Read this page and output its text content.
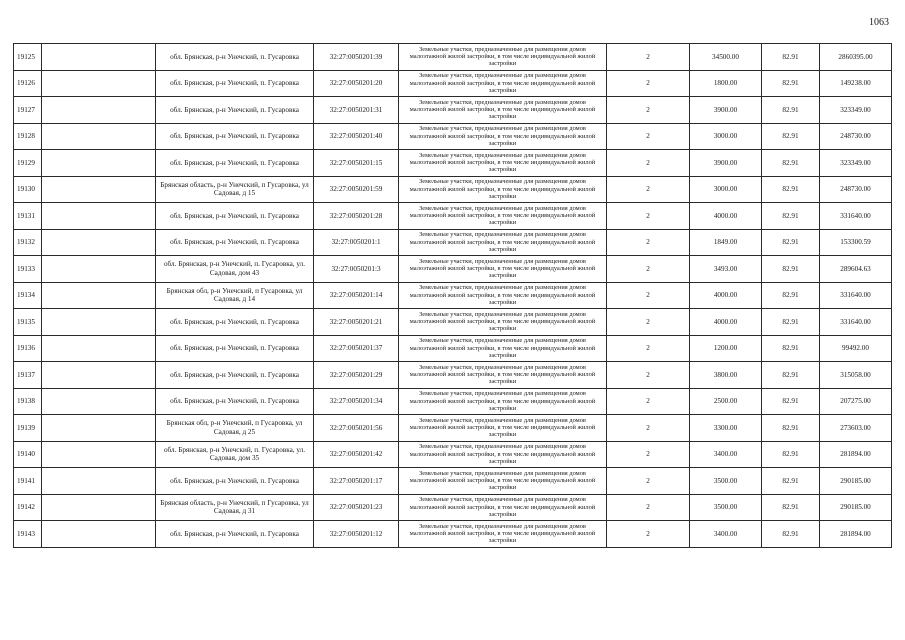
1063
19125		обл. Брянская, р-н Унечский, п. Гусаровка	32:27:0050201:39	Земельные участки, предназначенные для размещения домов малоэтажной жилой застройки, в том числе индивидуальной жилой застройки	2	34500.00	82.91	2860395.00
19126		обл. Брянская, р-н Унечский, п. Гусаровка	32:27:0050201:20	Земельные участки, предназначенные для размещения домов малоэтажной жилой застройки, в том числе индивидуальной жилой застройки	2	1800.00	82.91	149238.00
19127		обл. Брянская, р-н Унечский, п. Гусаровка	32:27:0050201:31	Земельные участки, предназначенные для размещения домов малоэтажной жилой застройки, в том числе индивидуальной жилой застройки	2	3900.00	82.91	323349.00
19128		обл. Брянская, р-н Унечский, п. Гусаровка	32:27:0050201:40	Земельные участки, предназначенные для размещения домов малоэтажной жилой застройки, в том числе индивидуальной жилой застройки	2	3000.00	82.91	248730.00
19129		обл. Брянская, р-н Унечский, п. Гусаровка	32:27:0050201:15	Земельные участки, предназначенные для размещения домов малоэтажной жилой застройки, в том числе индивидуальной жилой застройки	2	3900.00	82.91	323349.00
19130		Брянская область, р-н Унечский, п Гусаровка, ул Садовая, д 15	32:27:0050201:59	Земельные участки, предназначенные для размещения домов малоэтажной жилой застройки, в том числе индивидуальной жилой застройки	2	3000.00	82.91	248730.00
19131		обл. Брянская, р-н Унечский, п. Гусаровка	32:27:0050201:28	Земельные участки, предназначенные для размещения домов малоэтажной жилой застройки, в том числе индивидуальной жилой застройки	2	4000.00	82.91	331640.00
19132		обл. Брянская, р-н Унечский, п. Гусаровка	32:27:0050201:1	Земельные участки, предназначенные для размещения домов малоэтажной жилой застройки, в том числе индивидуальной жилой застройки	2	1849.00	82.91	153300.59
19133		обл. Брянская, р-н Унечский, п. Гусаровка, ул. Садовая, дом 43	32:27:0050201:3	Земельные участки, предназначенные для размещения домов малоэтажной жилой застройки, в том числе индивидуальной жилой застройки	2	3493.00	82.91	289604.63
19134		Брянская обл, р-н Унечский, п Гусаровка, ул Садовая, д 14	32:27:0050201:14	Земельные участки, предназначенные для размещения домов малоэтажной жилой застройки, в том числе индивидуальной жилой застройки	2	4000.00	82.91	331640.00
19135		обл. Брянская, р-н Унечский, п. Гусаровка	32:27:0050201:21	Земельные участки, предназначенные для размещения домов малоэтажной жилой застройки, в том числе индивидуальной жилой застройки	2	4000.00	82.91	331640.00
19136		обл. Брянская, р-н Унечский, п. Гусаровка	32:27:0050201:37	Земельные участки, предназначенные для размещения домов малоэтажной жилой застройки, в том числе индивидуальной жилой застройки	2	1200.00	82.91	99492.00
19137		обл. Брянская, р-н Унечский, п. Гусаровка	32:27:0050201:29	Земельные участки, предназначенные для размещения домов малоэтажной жилой застройки, в том числе индивидуальной жилой застройки	2	3800.00	82.91	315058.00
19138		обл. Брянская, р-н Унечский, п. Гусаровка	32:27:0050201:34	Земельные участки, предназначенные для размещения домов малоэтажной жилой застройки, в том числе индивидуальной жилой застройки	2	2500.00	82.91	207275.00
19139		Брянская обл, р-н Унечский, п Гусаровка, ул Садовая, д 25	32:27:0050201:56	Земельные участки, предназначенные для размещения домов малоэтажной жилой застройки, в том числе индивидуальной жилой застройки	2	3300.00	82.91	273603.00
19140		обл. Брянская, р-н Унечский, п. Гусаровка, ул. Садовая, дом 35	32:27:0050201:42	Земельные участки, предназначенные для размещения домов малоэтажной жилой застройки, в том числе индивидуальной жилой застройки	2	3400.00	82.91	281894.00
19141		обл. Брянская, р-н Унечский, п. Гусаровка	32:27:0050201:17	Земельные участки, предназначенные для размещения домов малоэтажной жилой застройки, в том числе индивидуальной жилой застройки	2	3500.00	82.91	290185.00
19142		Брянская область, р-н Унечский, п Гусаровка, ул Садовая, д 31	32:27:0050201:23	Земельные участки, предназначенные для размещения домов малоэтажной жилой застройки, в том числе индивидуальной жилой застройки	2	3500.00	82.91	290185.00
19143		обл. Брянская, р-н Унечский, п. Гусаровка	32:27:0050201:12	Земельные участки, предназначенные для размещения домов малоэтажной жилой застройки, в том числе индивидуальной жилой застройки	2	3400.00	82.91	281894.00
